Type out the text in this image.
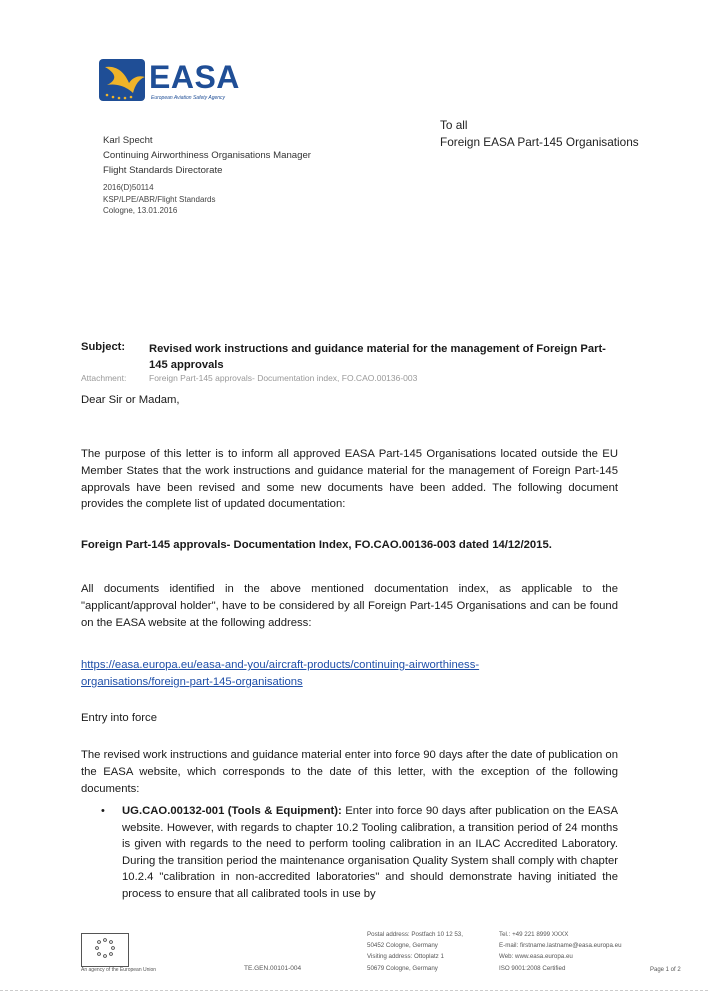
EASA
European Aviation Safety Agency
Karl Specht
Continuing Airworthiness Organisations Manager
Flight Standards Directorate
2016(D)50114
KSP/LPE/ABR/Flight Standards
Cologne, 13.01.2016
To all
Foreign EASA Part-145 Organisations
Subject: Revised work instructions and guidance material for the management of Foreign Part-145 approvals
Attachment:	Foreign Part-145 approvals- Documentation index, FO.CAO.00136-003
Dear Sir or Madam,
The purpose of this letter is to inform all approved EASA Part-145 Organisations located outside the EU Member States that the work instructions and guidance material for the management of Foreign Part-145 approvals have been revised and some new documents have been added. The following document provides the complete list of updated documentation:
Foreign Part-145 approvals- Documentation Index, FO.CAO.00136-003 dated 14/12/2015.
All documents identified in the above mentioned documentation index, as applicable to the "applicant/approval holder", have to be considered by all Foreign Part-145 Organisations and can be found on the EASA website at the following address:
https://easa.europa.eu/easa-and-you/aircraft-products/continuing-airworthiness-organisations/foreign-part-145-organisations
Entry into force
The revised work instructions and guidance material enter into force 90 days after the date of publication on the EASA website, which corresponds to the date of this letter, with the exception of the following documents:
• UG.CAO.00132-001 (Tools & Equipment): Enter into force 90 days after publication on the EASA website. However, with regards to chapter 10.2 Tooling calibration, a transition period of 24 months is given with regards to the need to perform tooling calibration in an ILAC Accredited Laboratory. During the transition period the maintenance organisation Quality System shall comply with chapter 10.2.4 "calibration in non-accredited laboratories" and should demonstrate having initiated the process to ensure that all calibrated tools in use by
An agency of the European Union	TE.GEN.00101-004
Postal address: Postfach 10 12 53,
50452 Cologne, Germany
Visiting address: Ottoplatz 1
50679 Cologne, Germany
Tel.: +49 221 8999 XXXX
E-mail: firstname.lastname@easa.europa.eu
Web: www.easa.europa.eu
ISO 9001:2008 Certified	Page 1 of 2
